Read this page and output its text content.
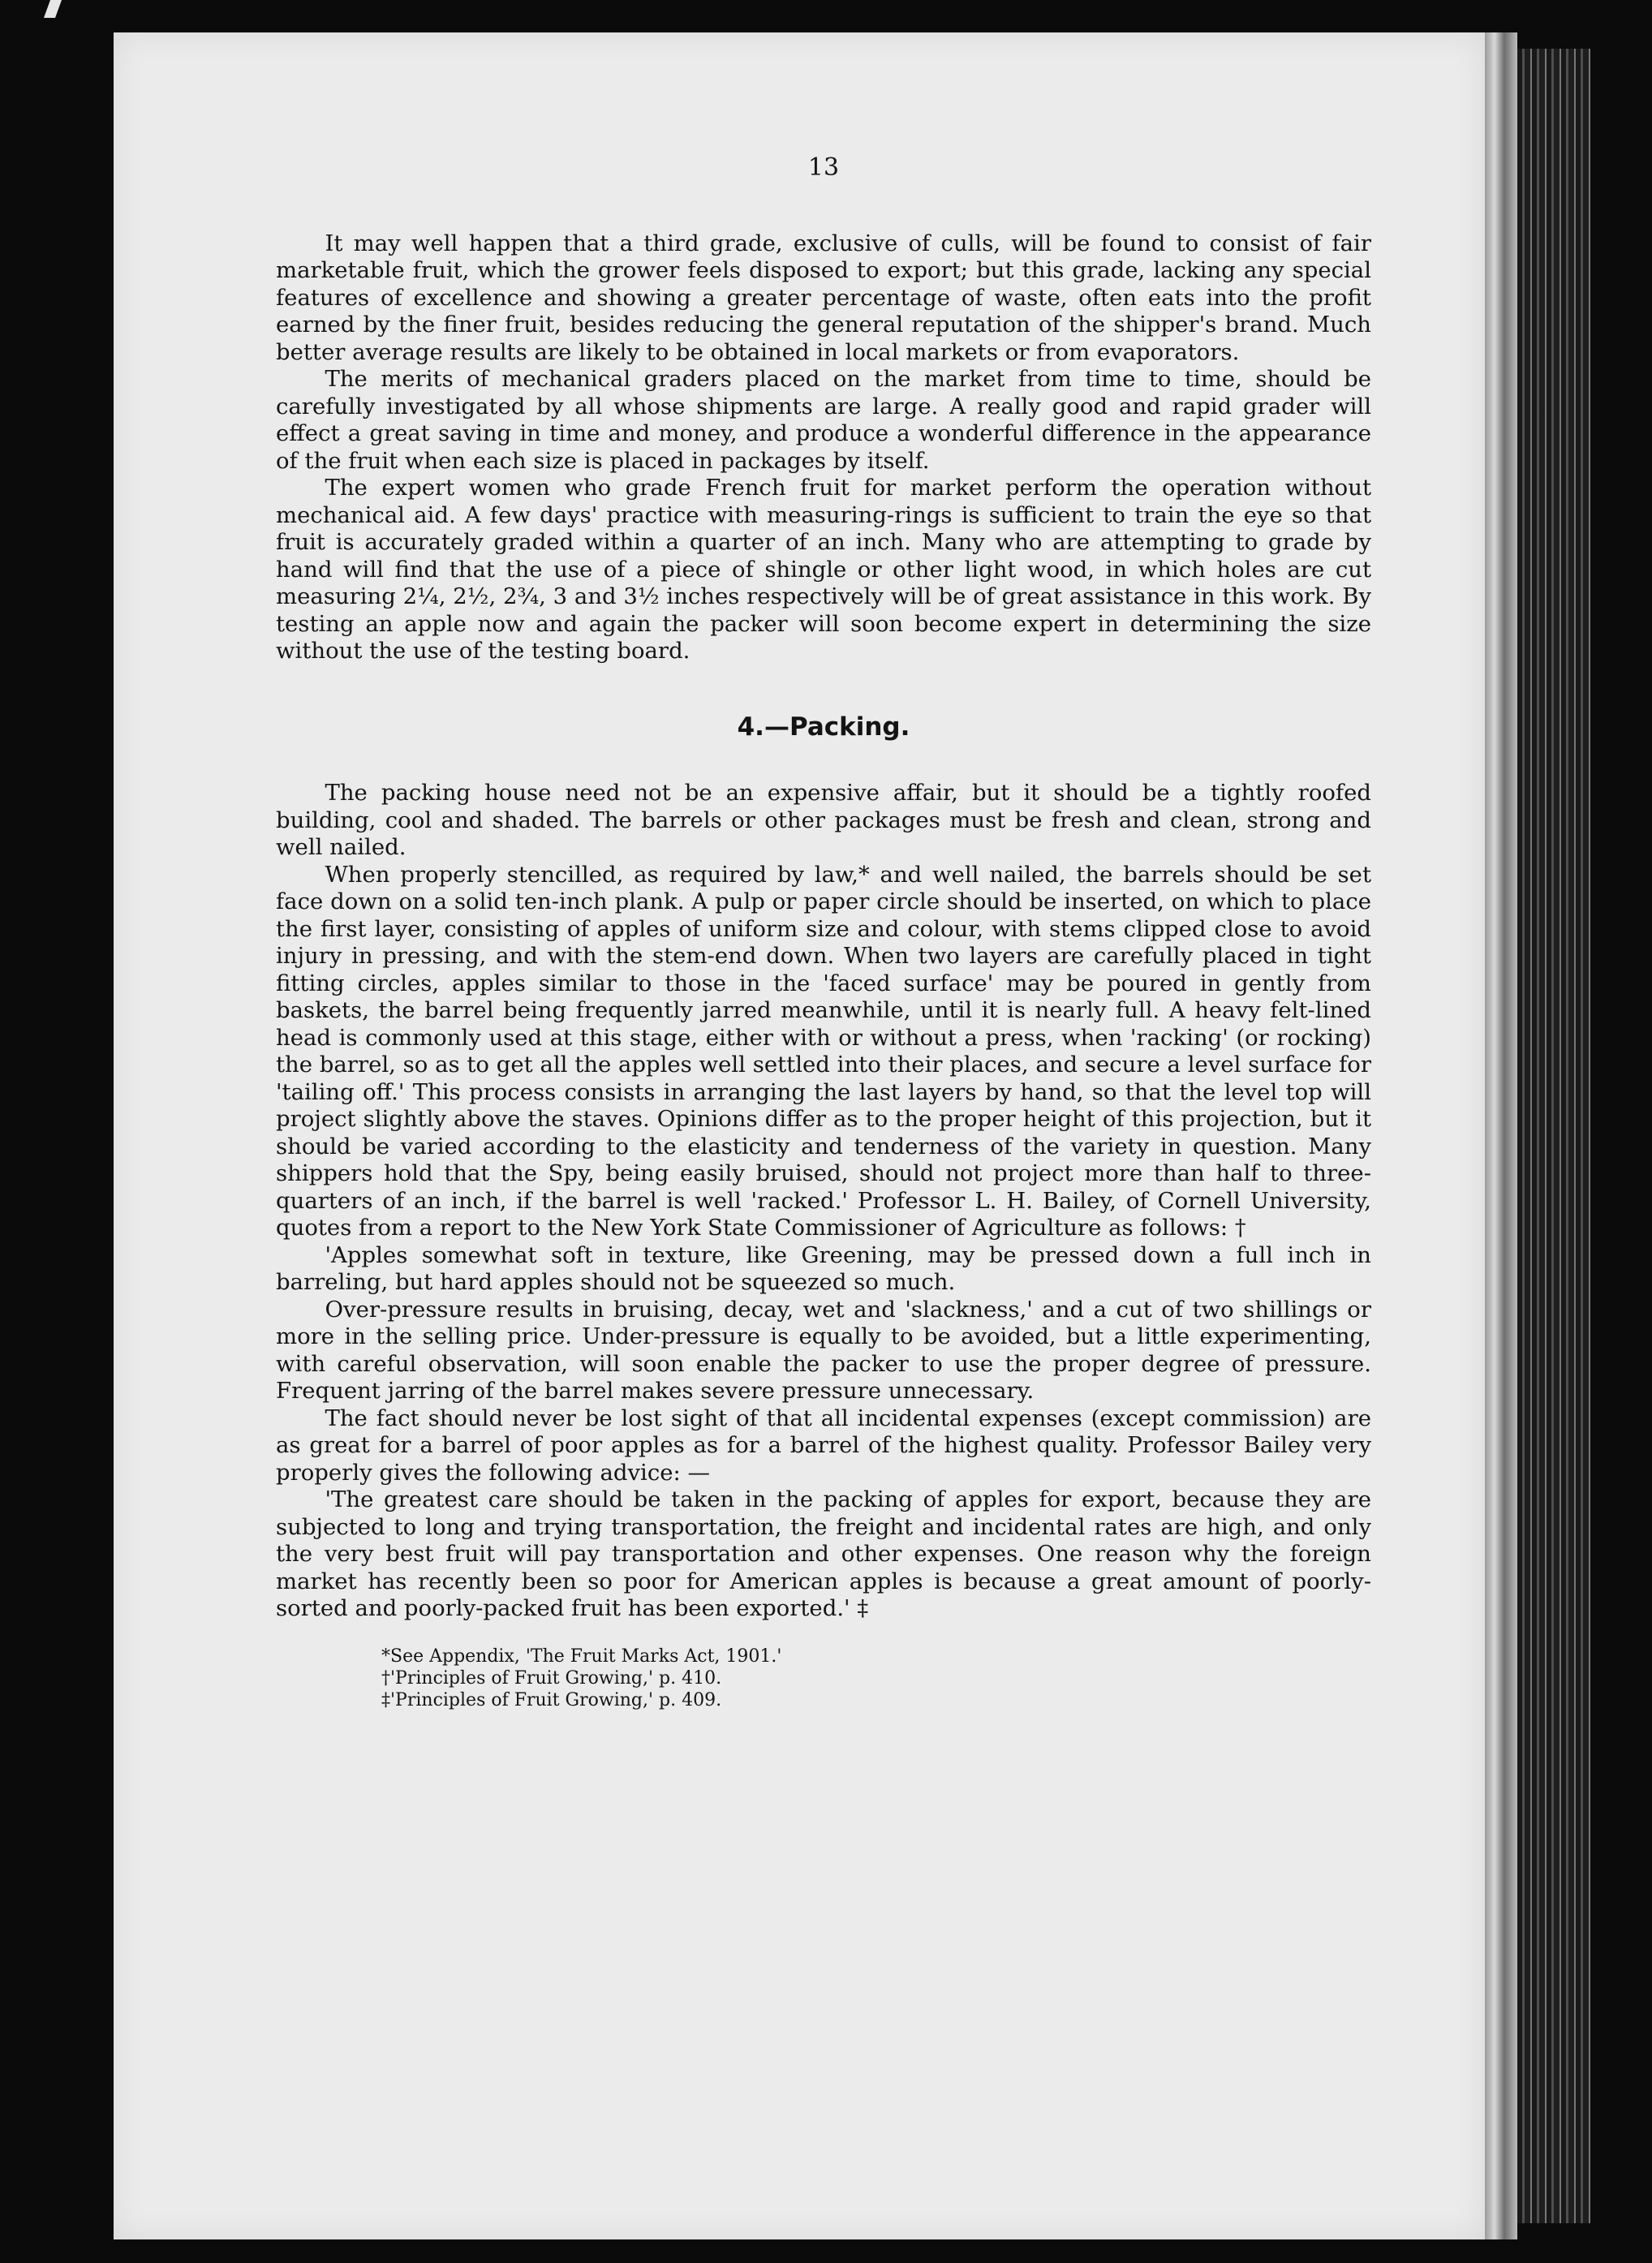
13

It may well happen that a third grade, exclusive of culls, will be found to consist of fair marketable fruit, which the grower feels disposed to export; but this grade, lacking any special features of excellence and showing a greater percentage of waste, often eats into the profit earned by the finer fruit, besides reducing the general reputation of the shipper's brand. Much better average results are likely to be obtained in local markets or from evaporators.

The merits of mechanical graders placed on the market from time to time, should be carefully investigated by all whose shipments are large. A really good and rapid grader will effect a great saving in time and money, and produce a wonderful difference in the appearance of the fruit when each size is placed in packages by itself.

The expert women who grade French fruit for market perform the operation without mechanical aid. A few days' practice with measuring-rings is sufficient to train the eye so that fruit is accurately graded within a quarter of an inch. Many who are attempting to grade by hand will find that the use of a piece of shingle or other light wood, in which holes are cut measuring 2¼, 2½, 2¾, 3 and 3½ inches respectively will be of great assistance in this work. By testing an apple now and again the packer will soon become expert in determining the size without the use of the testing board.

4.—Packing.

The packing house need not be an expensive affair, but it should be a tightly roofed building, cool and shaded. The barrels or other packages must be fresh and clean, strong and well nailed.

When properly stencilled, as required by law,* and well nailed, the barrels should be set face down on a solid ten-inch plank. A pulp or paper circle should be inserted, on which to place the first layer, consisting of apples of uniform size and colour, with stems clipped close to avoid injury in pressing, and with the stem-end down. When two layers are carefully placed in tight fitting circles, apples similar to those in the 'faced surface' may be poured in gently from baskets, the barrel being frequently jarred meanwhile, until it is nearly full. A heavy felt-lined head is commonly used at this stage, either with or without a press, when 'racking' (or rocking) the barrel, so as to get all the apples well settled into their places, and secure a level surface for 'tailing off.' This process consists in arranging the last layers by hand, so that the level top will project slightly above the staves. Opinions differ as to the proper height of this projection, but it should be varied according to the elasticity and tenderness of the variety in question. Many shippers hold that the Spy, being easily bruised, should not project more than half to three-quarters of an inch, if the barrel is well 'racked.' Professor L. H. Bailey, of Cornell University, quotes from a report to the New York State Commissioner of Agriculture as follows: †

'Apples somewhat soft in texture, like Greening, may be pressed down a full inch in barreling, but hard apples should not be squeezed so much.

Over-pressure results in bruising, decay, wet and 'slackness,' and a cut of two shillings or more in the selling price. Under-pressure is equally to be avoided, but a little experimenting, with careful observation, will soon enable the packer to use the proper degree of pressure. Frequent jarring of the barrel makes severe pressure unnecessary.

The fact should never be lost sight of that all incidental expenses (except commission) are as great for a barrel of poor apples as for a barrel of the highest quality. Professor Bailey very properly gives the following advice: —

'The greatest care should be taken in the packing of apples for export, because they are subjected to long and trying transportation, the freight and incidental rates are high, and only the very best fruit will pay transportation and other expenses. One reason why the foreign market has recently been so poor for American apples is because a great amount of poorly-sorted and poorly-packed fruit has been exported.' ‡

*See Appendix, 'The Fruit Marks Act, 1901.'
†'Principles of Fruit Growing,' p. 410.
‡'Principles of Fruit Growing,' p. 409.
